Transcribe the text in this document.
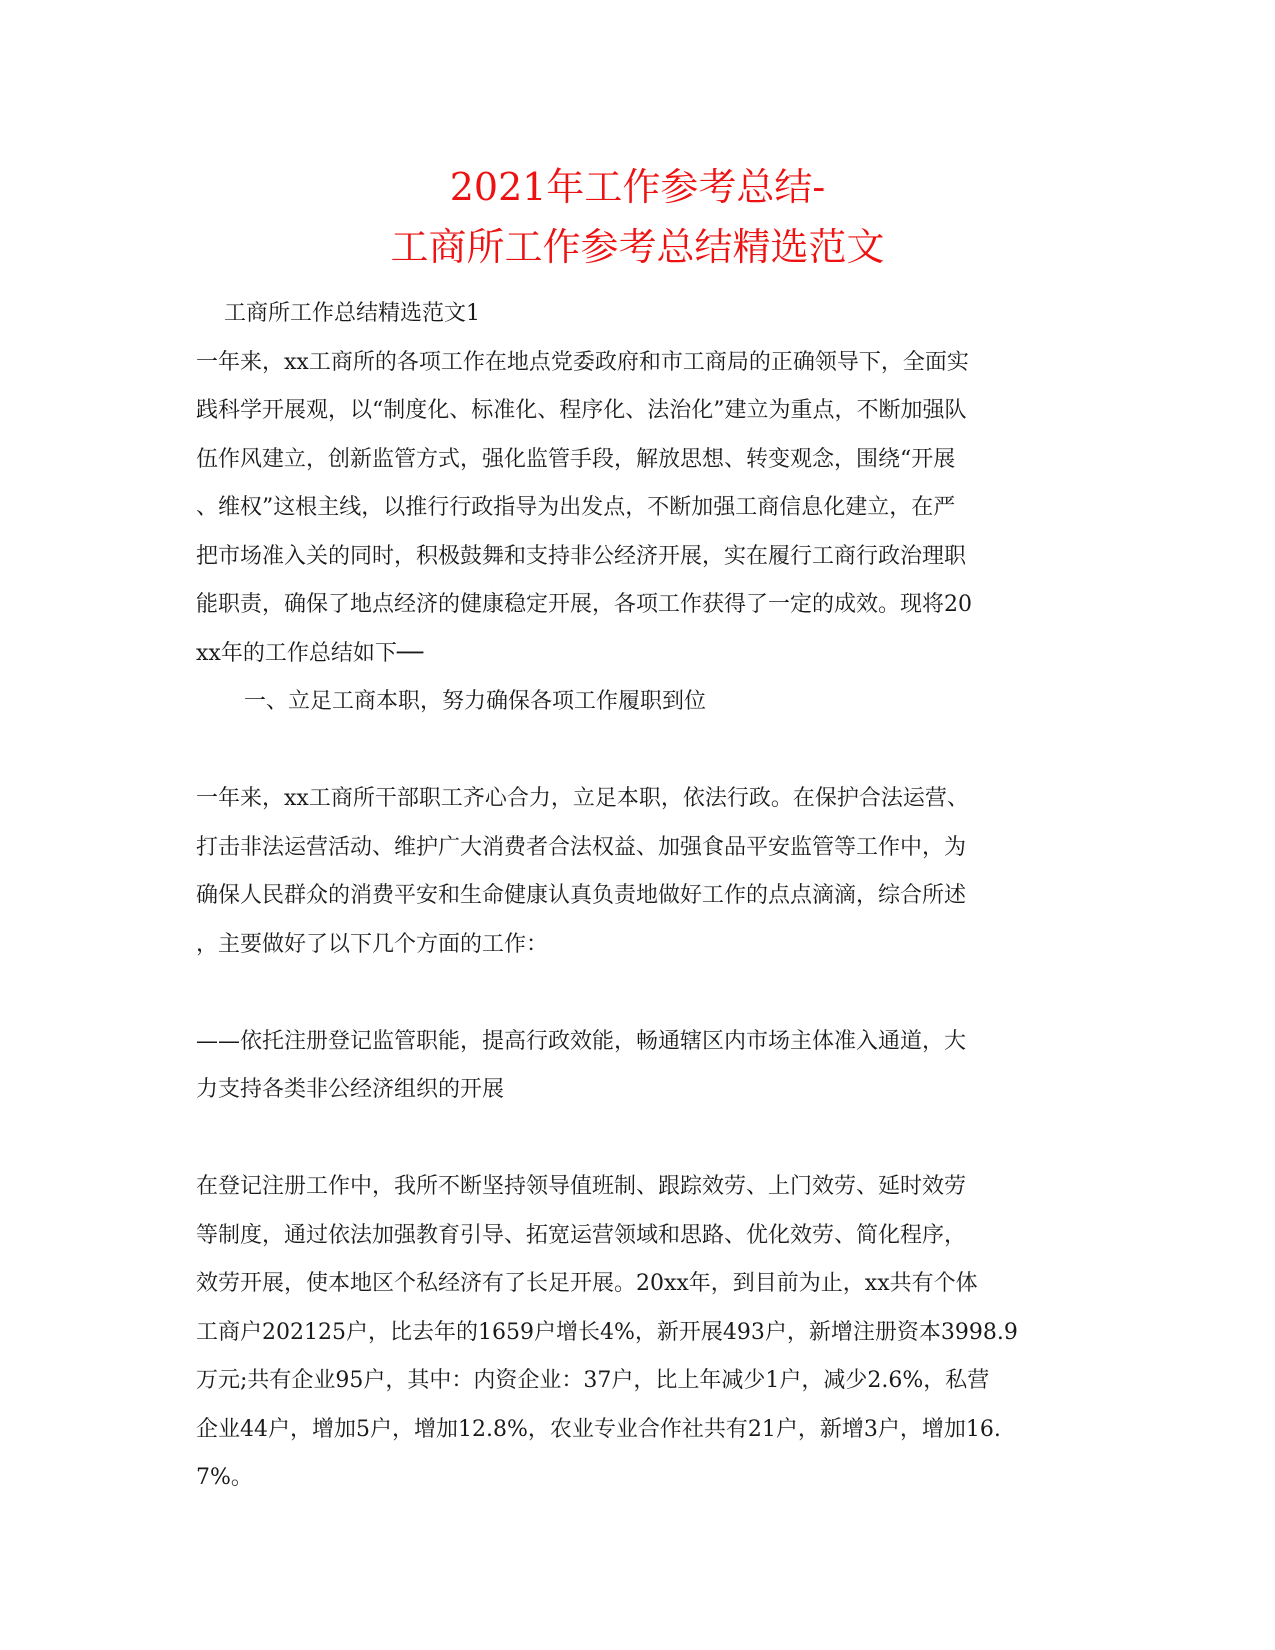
2021年工作参考总结-
工商所工作参考总结精选范文
工商所工作总结精选范文1
一年来，xx工商所的各项工作在地点党委政府和市工商局的正确领导下，全面实
践科学开展观，以“制度化、标准化、程序化、法治化”建立为重点，不断加强队
伍作风建立，创新监管方式，强化监管手段，解放思想、转变观念，围绕“开展
、维权”这根主线，以推行行政指导为出发点，不断加强工商信息化建立，在严
把市场准入关的同时，积极鼓舞和支持非公经济开展，实在履行工商行政治理职
能职责，确保了地点经济的健康稳定开展，各项工作获得了一定的成效。现将20
xx年的工作总结如下──
一、立足工商本职，努力确保各项工作履职到位
一年来，xx工商所干部职工齐心合力，立足本职，依法行政。在保护合法运营、
打击非法运营活动、维护广大消费者合法权益、加强食品平安监管等工作中，为
确保人民群众的消费平安和生命健康认真负责地做好工作的点点滴滴，综合所述
，主要做好了以下几个方面的工作：
——依托注册登记监管职能，提高行政效能，畅通辖区内市场主体准入通道，大
力支持各类非公经济组织的开展
在登记注册工作中，我所不断坚持领导值班制、跟踪效劳、上门效劳、延时效劳
等制度，通过依法加强教育引导、拓宽运营领域和思路、优化效劳、简化程序，
效劳开展，使本地区个私经济有了长足开展。20xx年，到目前为止，xx共有个体
工商户202125户，比去年的1659户增长4%，新开展493户，新增注册资本3998.9
万元;共有企业95户，其中：内资企业：37户，比上年减少1户，减少2.6%，私营
企业44户，增加5户，增加12.8%，农业专业合作社共有21户，新增3户，增加16.
7%。
